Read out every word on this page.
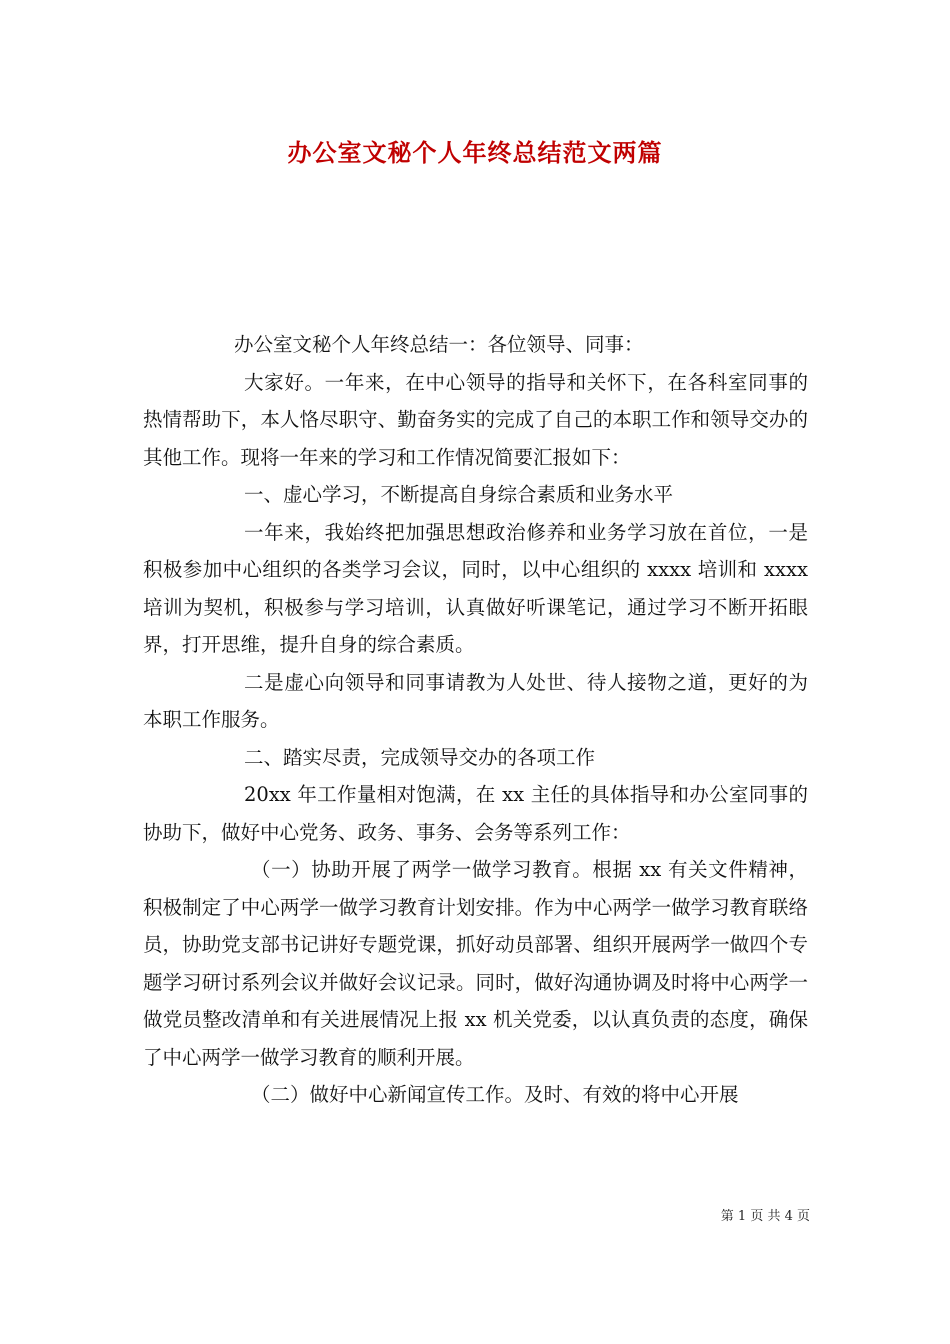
办公室文秘个人年终总结范文两篇

办公室文秘个人年终总结一：各位领导、同事：

大家好。一年来，在中心领导的指导和关怀下，在各科室同事的热情帮助下，本人恪尽职守、勤奋务实的完成了自己的本职工作和领导交办的其他工作。现将一年来的学习和工作情况简要汇报如下：

一、虚心学习，不断提高自身综合素质和业务水平

一年来，我始终把加强思想政治修养和业务学习放在首位，一是积极参加中心组织的各类学习会议，同时，以中心组织的 xxxx 培训和 xxxx 培训为契机，积极参与学习培训，认真做好听课笔记，通过学习不断开拓眼界，打开思维，提升自身的综合素质。

二是虚心向领导和同事请教为人处世、待人接物之道，更好的为本职工作服务。

二、踏实尽责，完成领导交办的各项工作

20xx 年工作量相对饱满，在 xx 主任的具体指导和办公室同事的协助下，做好中心党务、政务、事务、会务等系列工作：

（一）协助开展了两学一做学习教育。根据 xx 有关文件精神，积极制定了中心两学一做学习教育计划安排。作为中心两学一做学习教育联络员，协助党支部书记讲好专题党课，抓好动员部署、组织开展两学一做四个专题学习研讨系列会议并做好会议记录。同时，做好沟通协调及时将中心两学一做党员整改清单和有关进展情况上报 xx 机关党委，以认真负责的态度，确保了中心两学一做学习教育的顺利开展。

（二）做好中心新闻宣传工作。及时、有效的将中心开展

第 1 页 共 4 页
